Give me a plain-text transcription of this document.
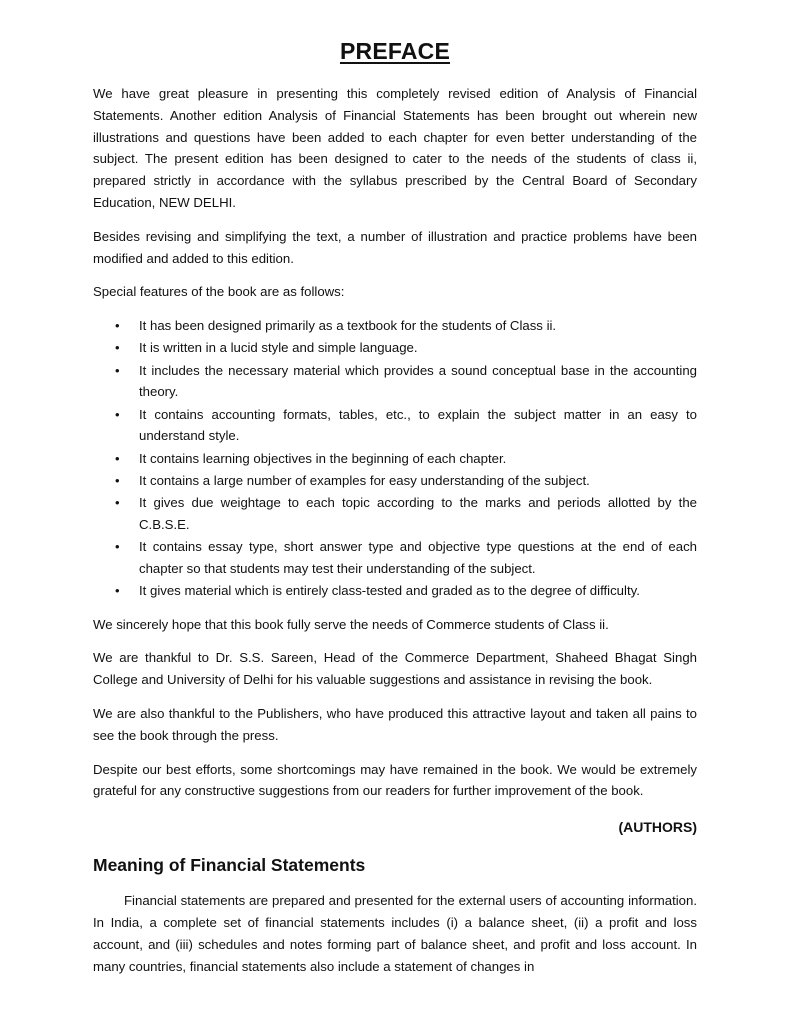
PREFACE

We have great pleasure in presenting this completely revised edition of Analysis of Financial Statements. Another edition Analysis of Financial Statements has been brought out wherein new illustrations and questions have been added to each chapter for even better understanding of the subject. The present edition has been designed to cater to the needs of the students of class ii, prepared strictly in accordance with the syllabus prescribed by the Central Board of Secondary Education, NEW DELHI.

Besides revising and simplifying the text, a number of illustration and practice problems have been modified and added to this edition.

Special features of the book are as follows:

• It has been designed primarily as a textbook for the students of Class ii.
• It is written in a lucid style and simple language.
• It includes the necessary material which provides a sound conceptual base in the accounting theory.
• It contains accounting formats, tables, etc., to explain the subject matter in an easy to understand style.
• It contains learning objectives in the beginning of each chapter.
• It contains a large number of examples for easy understanding of the subject.
• It gives due weightage to each topic according to the marks and periods allotted by the C.B.S.E.
• It contains essay type, short answer type and objective type questions at the end of each chapter so that students may test their understanding of the subject.
• It gives material which is entirely class-tested and graded as to the degree of difficulty.

We sincerely hope that this book fully serve the needs of Commerce students of Class ii.

We are thankful to Dr. S.S. Sareen, Head of the Commerce Department, Shaheed Bhagat Singh College and University of Delhi for his valuable suggestions and assistance in revising the book.

We are also thankful to the Publishers, who have produced this attractive layout and taken all pains to see the book through the press.

Despite our best efforts, some shortcomings may have remained in the book. We would be extremely grateful for any constructive suggestions from our readers for further improvement of the book.

(AUTHORS)
Meaning of Financial Statements

Financial statements are prepared and presented for the external users of accounting information. In India, a complete set of financial statements includes (i) a balance sheet, (ii) a profit and loss account, and (iii) schedules and notes forming part of balance sheet, and profit and loss account. In many countries, financial statements also include a statement of changes in
